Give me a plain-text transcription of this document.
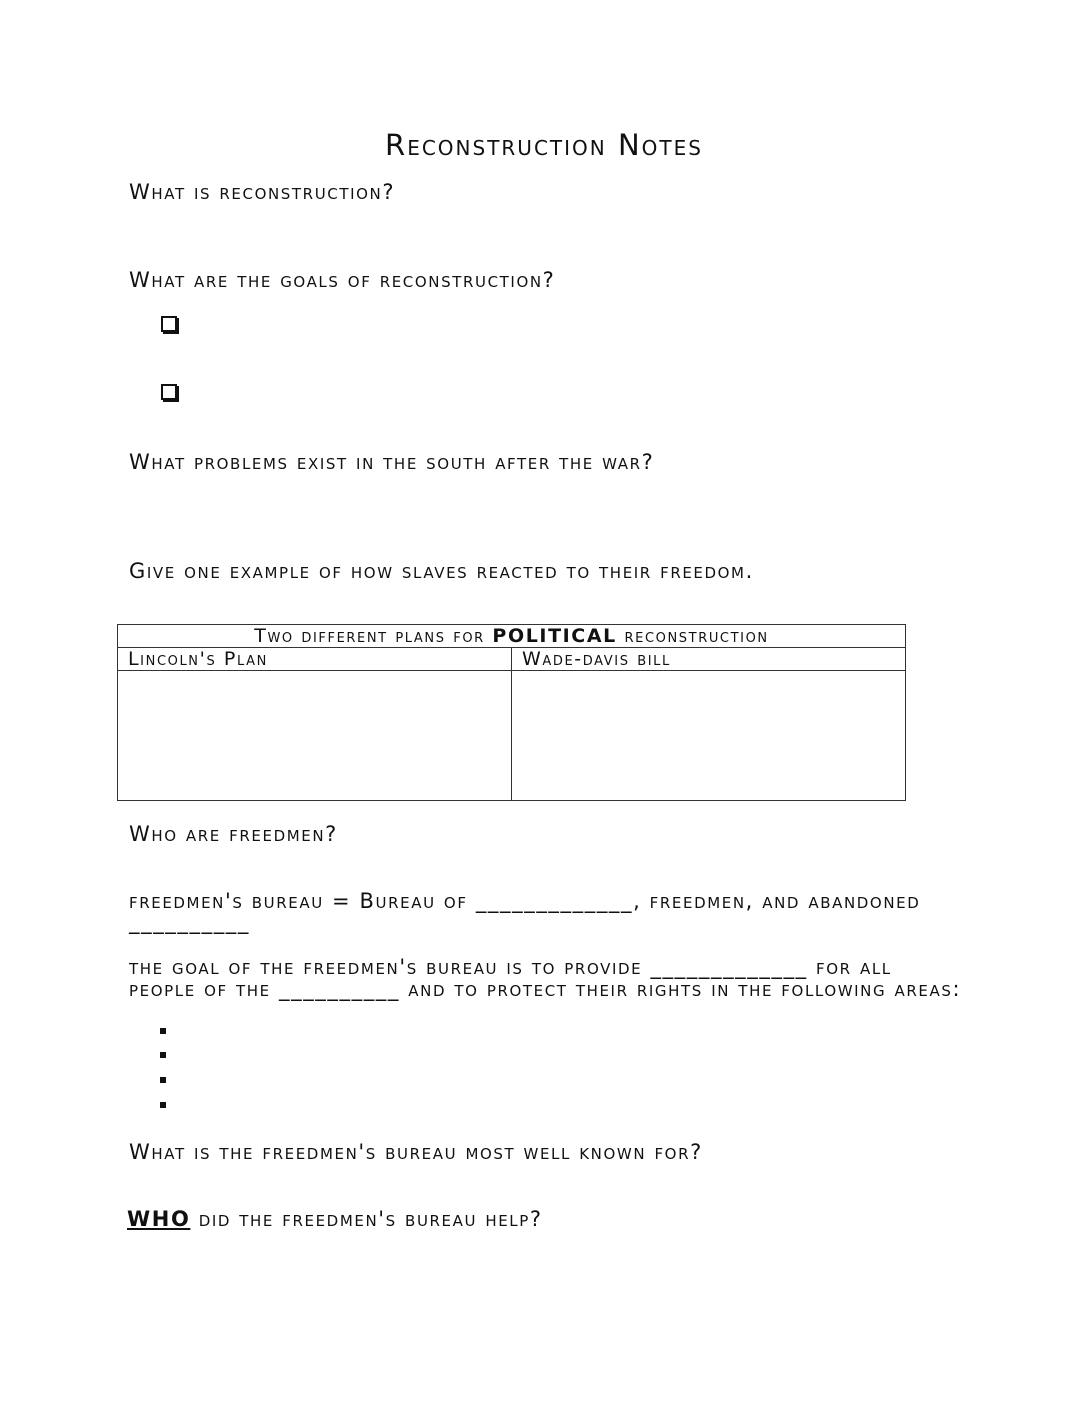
Reconstruction Notes
What is reconstruction?
What are the goals of reconstruction?
What problems exist in the south after the war?
Give one example of how slaves reacted to their freedom.
Two different plans for POLITICAL reconstruction	
Lincoln's Plan	Wade-davis bill

Who are freedmen?
freedmen's bureau = Bureau of _____________, freedmen, and abandoned
__________
the goal of the freedmen's bureau is to provide _____________ for all
people of the __________ and to protect their rights in the following areas:
What is the freedmen's bureau most well known for?
WHO did the freedmen's bureau help?
